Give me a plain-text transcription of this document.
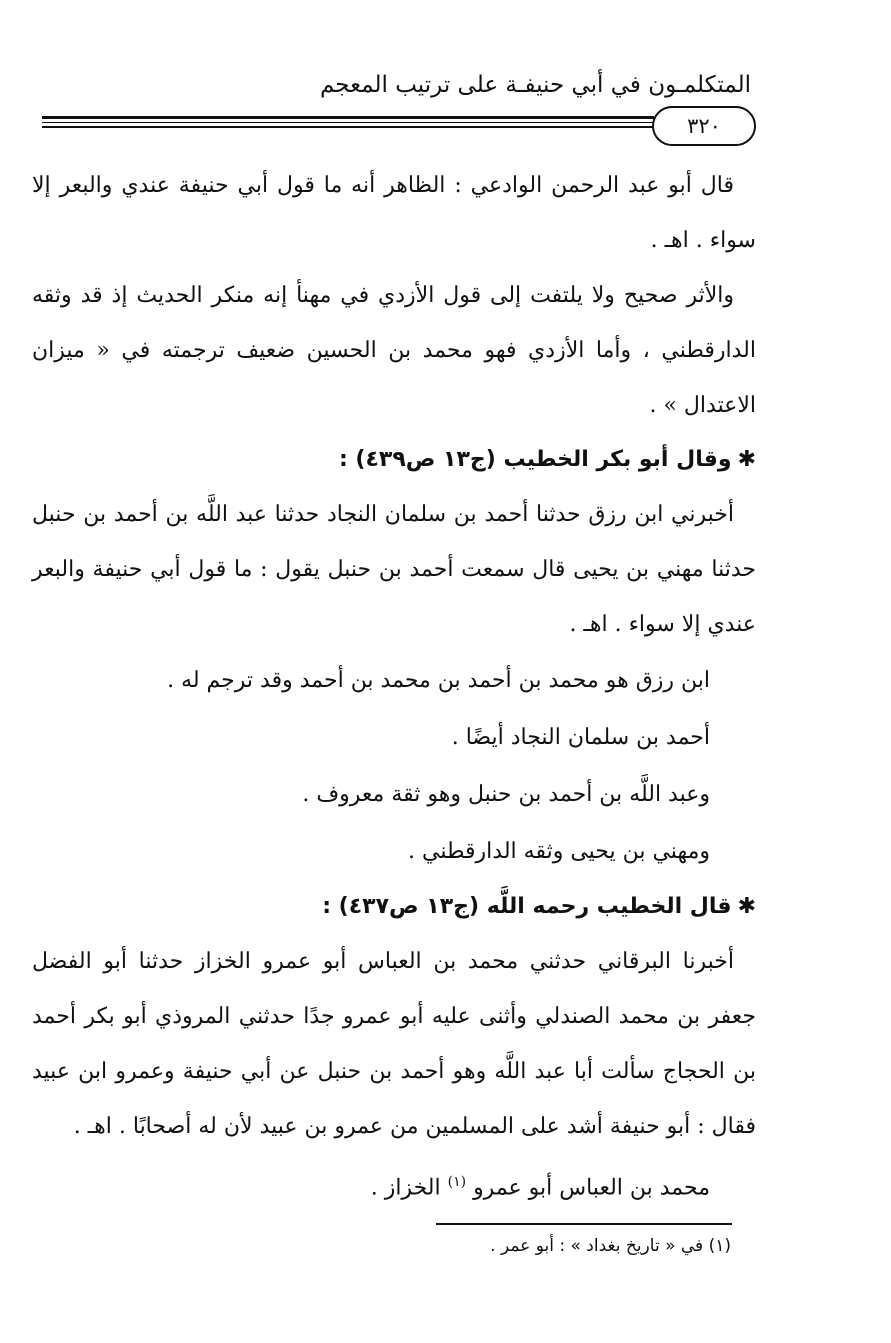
المتكلمـون في أبي حنيفـة على ترتيب المعجم
٣٢٠

قال أبو عبد الرحمن الوادعي : الظاهر أنه ما قول أبي حنيفة عندي والبعر إلا سواء . اهـ .

والأثر صحيح ولا يلتفت إلى قول الأزدي في مهنأ إنه منكر الحديث إذ قد وثقه الدارقطني ، وأما الأزدي فهو محمد بن الحسين ضعيف ترجمته في « ميزان الاعتدال » .

✱وقال أبو بكر الخطيب (ج١٣ ص٤٣٩) :

أخبرني ابن رزق حدثنا أحمد بن سلمان النجاد حدثنا عبد اللَّه بن أحمد بن حنبل حدثنا مهني بن يحيى قال سمعت أحمد بن حنبل يقول : ما قول أبي حنيفة والبعر عندي إلا سواء . اهـ .

ابن رزق هو محمد بن أحمد بن محمد بن أحمد وقد ترجم له .

أحمد بن سلمان النجاد أيضًا .

وعبد اللَّه بن أحمد بن حنبل وهو ثقة معروف .

ومهني بن يحيى وثقه الدارقطني .

✱قال الخطيب رحمه اللَّه (ج١٣ ص٤٣٧) :

أخبرنا البرقاني حدثني محمد بن العباس أبو عمرو الخزاز حدثنا أبو الفضل جعفر بن محمد الصندلي وأثنى عليه أبو عمرو جدًا حدثني المروذي أبو بكر أحمد بن الحجاج سألت أبا عبد اللَّه وهو أحمد بن حنبل عن أبي حنيفة وعمرو ابن عبيد فقال : أبو حنيفة أشد على المسلمين من عمرو بن عبيد لأن له أصحابًا . اهـ .

محمد بن العباس أبو عمرو $^{(١)}$ الخزاز .

(١) في « تاريخ بغداد » : أبو عمر .
